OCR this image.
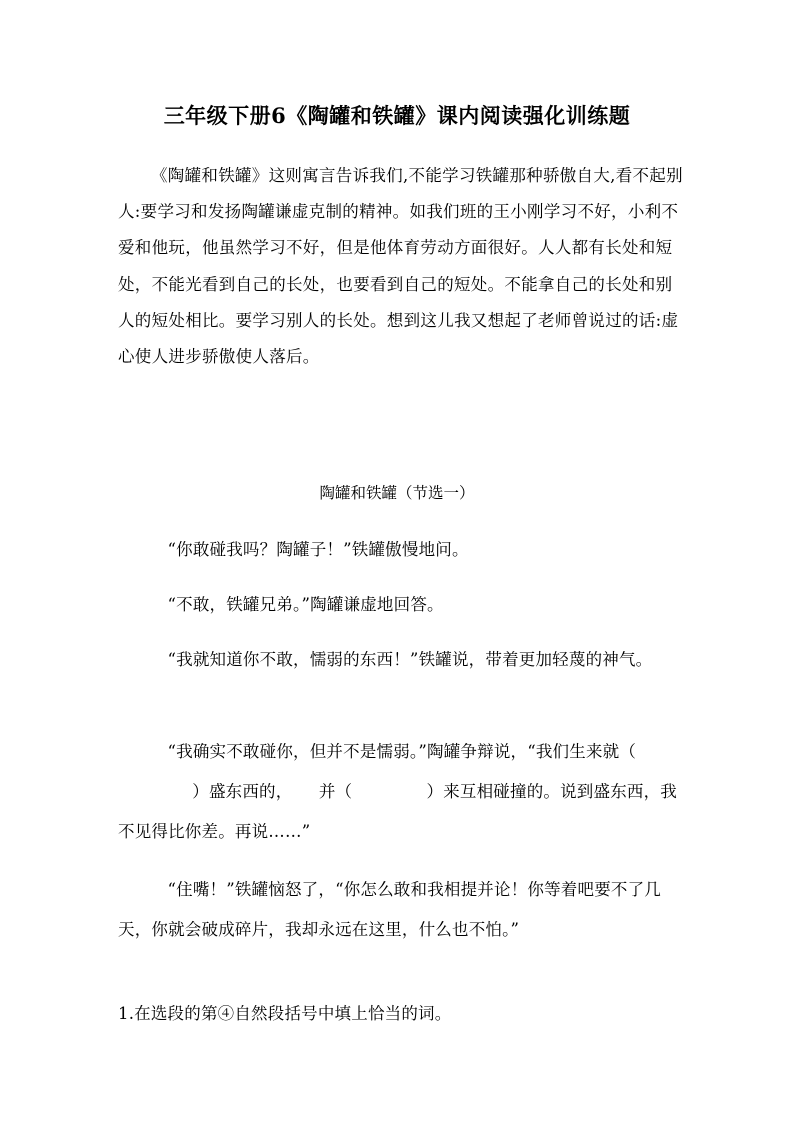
三年级下册6《陶罐和铁罐》课内阅读强化训练题
《陶罐和铁罐》这则寓言告诉我们,不能学习铁罐那种骄傲自大,看不起别人:要学习和发扬陶罐谦虚克制的精神。如我们班的王小刚学习不好，小利不爱和他玩，他虽然学习不好，但是他体育劳动方面很好。人人都有长处和短处，不能光看到自己的长处，也要看到自己的短处。不能拿自己的长处和别人的短处相比。要学习别人的长处。想到这儿我又想起了老师曾说过的话:虚心使人进步骄傲使人落后。
陶罐和铁罐（节选一）
“你敢碰我吗？陶罐子！”铁罐傲慢地问。
“不敢，铁罐兄弟。”陶罐谦虚地回答。
“我就知道你不敢，懦弱的东西！”铁罐说，带着更加轻蔑的神气。
“我确实不敢碰你，但并不是懦弱。”陶罐争辩说，“我们生来就（）盛东西的， 并（	）来互相碰撞的。说到盛东西，我不见得比你差。再说……”
“住嘴！”铁罐恼怒了，“你怎么敢和我相提并论！你等着吧要不了几天，你就会破成碎片，我却永远在这里，什么也不怕。”
1.在选段的第④自然段括号中填上恰当的词。
